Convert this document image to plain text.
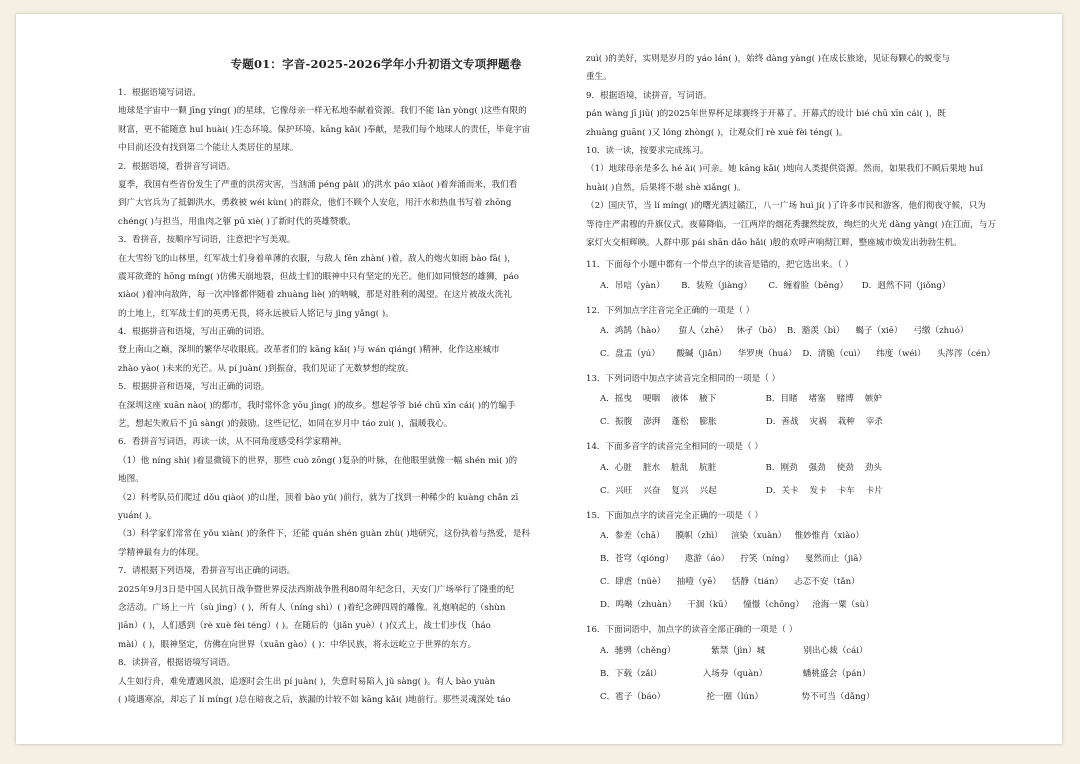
专题01：字音-2025-2026学年小升初语文专项押题卷
1．根据语境写词语。
地球是宇宙中一颗 jīng yíng( )的星球，它像母亲一样无私地奉献着资源。我们不能 làn yòng( )这些有限的
财富，更不能随意 huǐ huài( )生态环境。保护环境、kāng kǎi( )奉献，是我们每个地球人的责任，毕竟宇宙
中目前还没有找到第二个能让人类居住的星球。
2．根据语境，看拼音写词语。
夏季，我国有些省份发生了严重的洪涝灾害，当汹涌 péng pài( )的洪水 páo xiào( )着奔涌而来，我们看
到广大官兵为了抵御洪水，勇救被 wéi kùn( )的群众，他们不顾个人安危，用汗水和热血书写着 zhōng
chéng( )与担当，用血肉之躯 pū xiè( )了新时代的英雄赞歌。
3．看拼音，按顺序写词语，注意把字写美观。
在大雪纷飞的山林里，红军战士们身着单薄的衣服，与敌人 fēn zhàn( )着，敌人的炮火如雨 bào fā( )，
震耳欲聋的 hōng míng( )仿佛天崩地裂，但战士们的眼神中只有坚定的光芒。他们如同愤怒的雄狮，páo
xiào( )着冲向敌阵，每一次冲锋都伴随着 zhuàng liè( )的呐喊，那是对胜利的渴望。在这片被战火洗礼
的土地上，红军战士们的英勇无畏，将永远被后人铭记与 jìng yǎng( )。
4．根据拼音和语境，写出正确的词语。
登上南山之巅，深圳的繁华尽收眼底。改革者们的 kāng kǎi( )与 wán qiáng( )精神，化作这座城市
zhào yào( )未来的光芒。从 pí juàn( )到振奋，我们见证了无数梦想的绽放。
5．根据拼音和语境，写出正确的词语。
在深圳这座 xuān nào( )的都市，我时常怀念 yōu jìng( )的故乡。想起爷爷 bié chū xīn cái( )的竹编手
艺，想起失败后不 jū sàng( )的鼓励。这些记忆，如同在岁月中 táo zuì( )，温暖我心。
6．看拼音写词语，再读一读，从不同角度感受科学家精神。
（1）他 níng shì( )着显微镜下的世界，那些 cuò zōng( )复杂的叶脉，在他眼里就像一幅 shén mì( )的
地图。
（2）科考队员们爬过 dǒu qiào( )的山崖，顶着 bào yǔ( )前行，就为了找到一种稀少的 kuàng chǎn zī
yuán( )。
（3）科学家们常常在 yǒu xiàn( )的条件下，还能 quán shén guàn zhù( )地研究，这份执着与热爱，是科
学精神最有力的体现。
7．请根据下列语境，看拼音写出正确的词语。
2025年9月3日是中国人民抗日战争暨世界反法西斯战争胜利80周年纪念日，天安门广场举行了隆重的纪
念活动。广场上一片（sù jìng）( )，所有人（níng shì）( )着纪念碑四周的雕像。礼炮响起的（shùn
jiān）( )，人们感到（rè xuè fèi téng）( )。在随后的（jiǎn yuè）( )仪式上，战士们步伐（háo
mài）( )，眼神坚定，仿佛在向世界（xuān gào）( )：中华民族，将永远屹立于世界的东方。
8．读拼音，根据语境写词语。
人生如行舟，难免遭遇风浪，追逐时会生出 pí juàn( )，失意时易陷入 jǔ sàng( )。有人 bào yuàn
( )境遇寒凉，却忘了 lí míng( )总在暗夜之后，族漏的计较不如 kāng kǎi( )地前行。那些灵魂深处 táo
zuì( )的美好，实则是岁月的 yáo lán( )，始终 dàng yàng( )在成长旅途，见证每颗心的蜕变与
重生。
9．根据语境，读拼音，写词语。
pán wàng jī jiū( )的2025年世界杯足球赛终于开幕了。开幕式的设计 bié chū xīn cái( )，既
zhuàng guān( )又 lóng zhòng( )，让观众们 rè xuè fèi téng( )。
10．读一读，按要求完成练习。
（1）地球母亲是多么 hé ǎi( )可亲。她 kāng kǎi( )地向人类提供资源。然而，如果我们不顾后果地 huǐ
huài( )自然，后果将不堪 shè xiǎng( )。
（2）国庆节，当 lí míng( )的曙光洒过赣江，八一广场 huì jí( )了许多市民和游客，他们彻夜守候，只为
等待庄严肃穆的升旗仪式。夜幕降临，一江两岸的烟花秀骤然绽放，绚烂的火光 dàng yàng( )在江面，与万
家灯火交相辉映。人群中那 pái shān dǎo hǎi( )般的欢呼声响彻江畔，整座城市焕发出勃勃生机。
11．下面每个小题中都有一个带点字的读音是错的，把它选出来。（ ）
A．吊唁（yàn）      B．装殓（jiàng）      C．缠着脸（bēng）     D．迥然不同（jiǒng）
12．下列加点字注音完全正确的一项是（ ）
A．鸿鹄（hào）     蜇人（zhē）   休孑（bō）  B．豁羡（bì）    蝎子（xiē）    弓缴（zhuó）
C．盘盂（yú）      酸碱（jiǎn）    华罗庚（huá）  D．清脆（cuì）    纬度（wéi）    头涔涔（cén）
13．下列词语中加点字读音完全相同的一项是（ ）
A．摇曳    哽咽    液体    腋下                  B．目睹    堵塞    赌博    嫉妒
C．振腹    澎湃    蓬松    膨胀                  D．善战    灾祸    栽种    宰杀
14．下面多音字的读音完全相同的一项是（ ）
A．心脏    脏水    脏乱    肮脏                  B．刚劲    强劲    使劲    劲头
C．兴旺    兴奋    复兴    兴起                  D．关卡    发卡    卡车    卡片
15．下面加点字的读音完全正确的一项是（ ）
A．参差（chā）    膜帜（zhì）   渲染（xuàn）   惟妙惟肖（xiào）
B．苍穹（qióng）    遨游（áo）    拧笑（níng）    戛然而止（jiā）
C．肆虐（nüè）    抽噎（yē）    恬静（tián）    忐忑不安（tǎn）
D．鸣啭（zhuàn）    干涸（kū）    憧憬（chōng）   沧海一粟（sù）
16．下面词语中，加点字的读音全部正确的一项是（ ）
A．驰骋（chěng）             紫禁（jìn）城              别出心裁（cái）
B．下载（zǎi）               入场券（quàn）             蟠桃盛会（pán）
C．雹子（báo）               抡一圈（lún）              势不可当（dǎng）
